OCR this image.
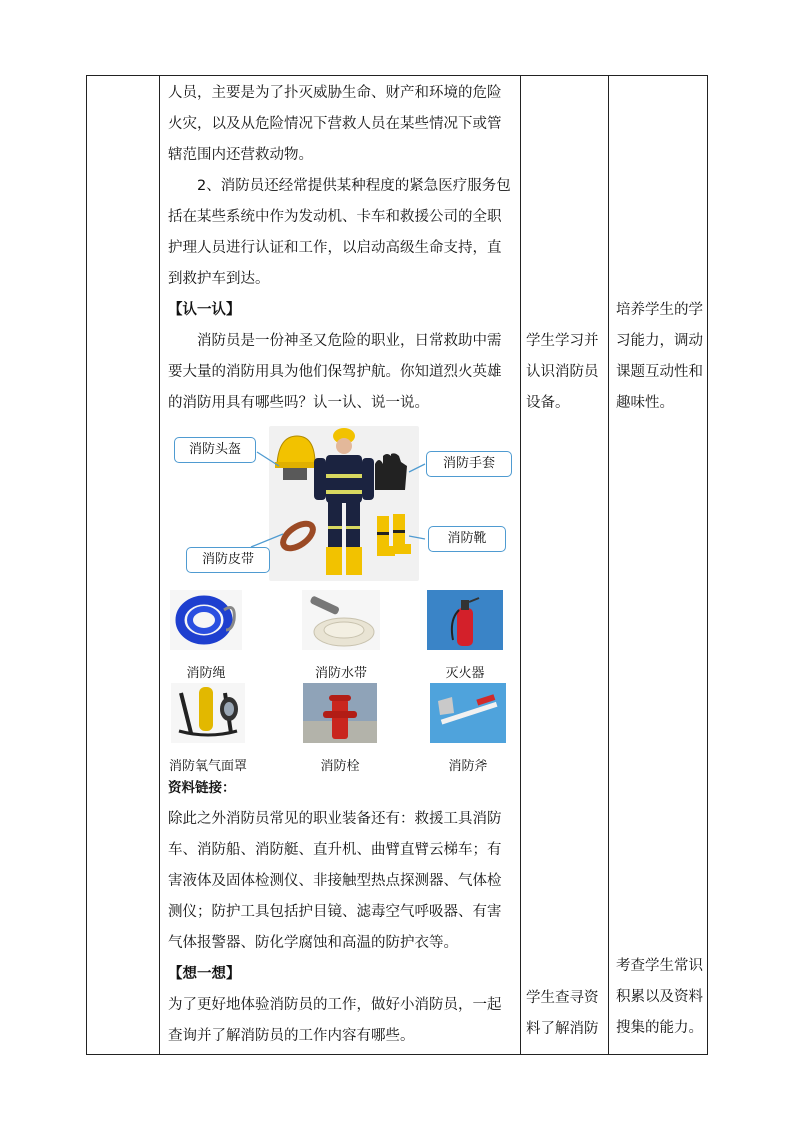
人员，主要是为了扑灭威胁生命、财产和环境的危险火灾，以及从危险情况下营救人员在某些情况下或管辖范围内还营救动物。

2、消防员还经常提供某种程度的紧急医疗服务包括在某些系统中作为发动机、卡车和救援公司的全职护理人员进行认证和工作，以启动高级生命支持，直到救护车到达。

【认一认】

消防员是一份神圣又危险的职业，日常救助中需要大量的消防用具为他们保驾护航。你知道烈火英雄的消防用具有哪些吗？认一认、说一说。

消防头盔
消防手套
消防皮带
消防靴
消防绳	消防水带	灭火器
消防氧气面罩	消防栓	消防斧

资料链接：

除此之外消防员常见的职业装备还有：救援工具消防车、消防船、消防艇、直升机、曲臂直臂云梯车；有害液体及固体检测仪、非接触型热点探测器、气体检测仪；防护工具包括护目镜、滤毒空气呼吸器、有害气体报警器、防化学腐蚀和高温的防护衣等。

【想一想】

为了更好地体验消防员的工作，做好小消防员，一起查询并了解消防员的工作内容有哪些。

学生学习并认识消防员设备。
学生查寻资料了解消防
培养学生的学习能力，调动课题互动性和趣味性。
考查学生常识积累以及资料搜集的能力。
